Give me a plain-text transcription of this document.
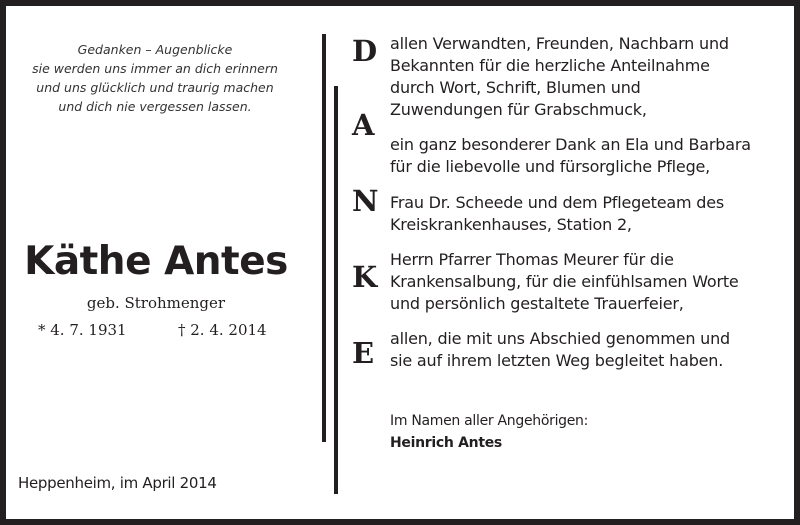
Gedanken – Augenblicke
sie werden uns immer an dich erinnern
und uns glücklich und traurig machen
und dich nie vergessen lassen.
Käthe Antes
geb. Strohmenger
* 4. 7. 1931	† 2. 4. 2014
Heppenheim, im April 2014
D
A
N
K
E
allen Verwandten, Freunden, Nachbarn und
Bekannten für die herzliche Anteilnahme
durch Wort, Schrift, Blumen und
Zuwendungen für Grabschmuck,
ein ganz besonderer Dank an Ela und Barbara
für die liebevolle und fürsorgliche Pflege,
Frau Dr. Scheede und dem Pflegeteam des
Kreiskrankenhauses, Station 2,
Herrn Pfarrer Thomas Meurer für die
Krankensalbung, für die einfühlsamen Worte
und persönlich gestaltete Trauerfeier,
allen, die mit uns Abschied genommen und
sie auf ihrem letzten Weg begleitet haben.
Im Namen aller Angehörigen:
Heinrich Antes
